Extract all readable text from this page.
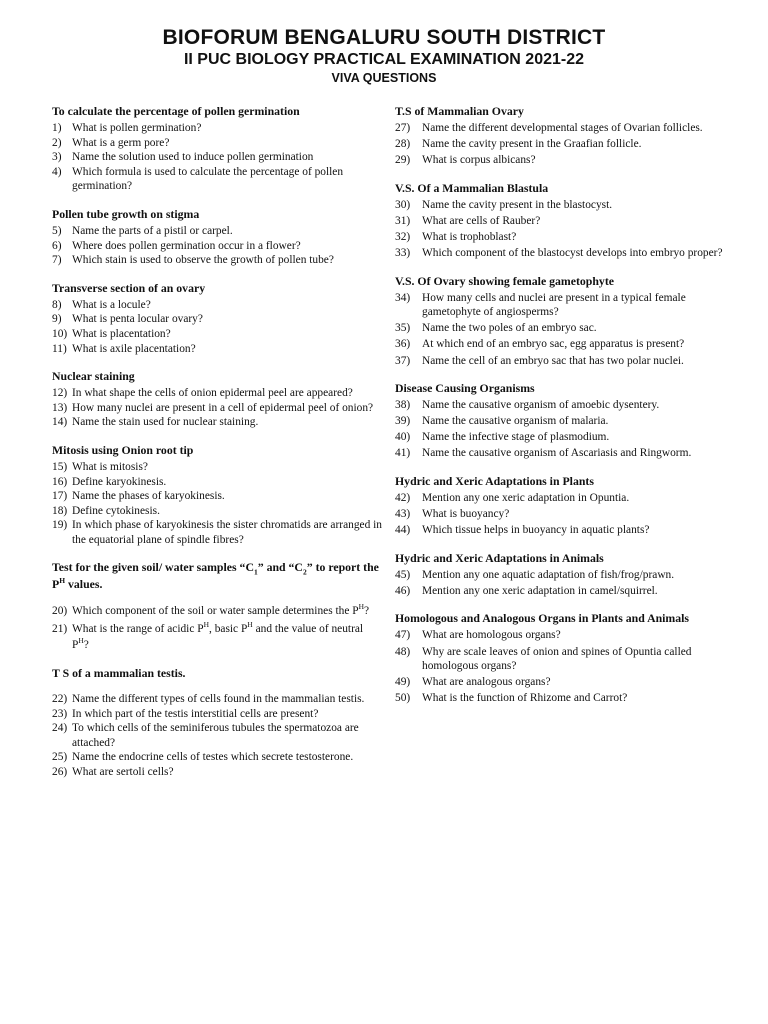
BIOFORUM BENGALURU SOUTH DISTRICT
II PUC BIOLOGY PRACTICAL EXAMINATION 2021-22
VIVA QUESTIONS
To calculate the percentage of pollen germination
1) What is pollen germination?
2) What is a germ pore?
3) Name the solution used to induce pollen germination
4) Which formula is used to calculate the percentage of pollen germination?
Pollen tube growth on stigma
5) Name the parts of a pistil or carpel.
6) Where does pollen germination occur in a flower?
7) Which stain is used to observe the growth of pollen tube?
Transverse section of an ovary
8) What is a locule?
9) What is penta locular ovary?
10) What is placentation?
11) What is axile placentation?
Nuclear staining
12) In what shape the cells of onion epidermal peel are appeared?
13) How many nuclei are present in a cell of epidermal peel of onion?
14) Name the stain used for nuclear staining.
Mitosis using Onion root tip
15) What is mitosis?
16) Define karyokinesis.
17) Name the phases of karyokinesis.
18) Define cytokinesis.
19) In which phase of karyokinesis the sister chromatids are arranged in the equatorial plane of spindle fibres?
Test for the given soil/ water samples “$C_1$” and “$C_2$” to report the $P^H$ values.
20) Which component of the soil or water sample determines the $P^H$?
21) What is the range of acidic $P^H$, basic $P^H$ and the value of neutral $P^H$?
T S of a mammalian testis.
22) Name the different types of cells found in the mammalian testis.
23) In which part of the testis interstitial cells are present?
24) To which cells of the seminiferous tubules the spermatozoa are attached?
25) Name the endocrine cells of testes which secrete testosterone.
26) What are sertoli cells?
T.S of Mammalian Ovary
27)	Name the different developmental stages of Ovarian follicles.
28)	Name the cavity present in the Graafian follicle.
29)	What is corpus albicans?
V.S. Of a Mammalian Blastula
30)	Name the cavity present in the blastocyst.
31)	What are cells of Rauber?
32)	What is trophoblast?
33)	Which component of the blastocyst develops into embryo proper?
V.S. Of Ovary showing female gametophyte
34)	How many cells and nuclei are present in a typical female gametophyte of angiosperms?
35)	Name the two poles of an embryo sac.
36)	At which end of an embryo sac, egg apparatus is present?
37)	Name the cell of an embryo sac that has two polar nuclei.
Disease Causing Organisms
38)	Name the causative organism of amoebic dysentery.
39)	Name the causative organism of malaria.
40)	Name the infective stage of plasmodium.
41)	Name the causative organism of Ascariasis and Ringworm.
Hydric and Xeric Adaptations in Plants
42)	Mention any one xeric adaptation in Opuntia.
43)	What is buoyancy?
44)	Which tissue helps in buoyancy in aquatic plants?
Hydric and Xeric Adaptations in Animals
45)	Mention any one aquatic adaptation of fish/frog/prawn.
46)	Mention any one xeric adaptation in camel/squirrel.
Homologous and Analogous Organs in Plants and Animals
47)	What are homologous organs?
48)	Why are scale leaves of onion and spines of Opuntia called homologous organs?
49)	What are analogous organs?
50)	What is the function of Rhizome and Carrot?
